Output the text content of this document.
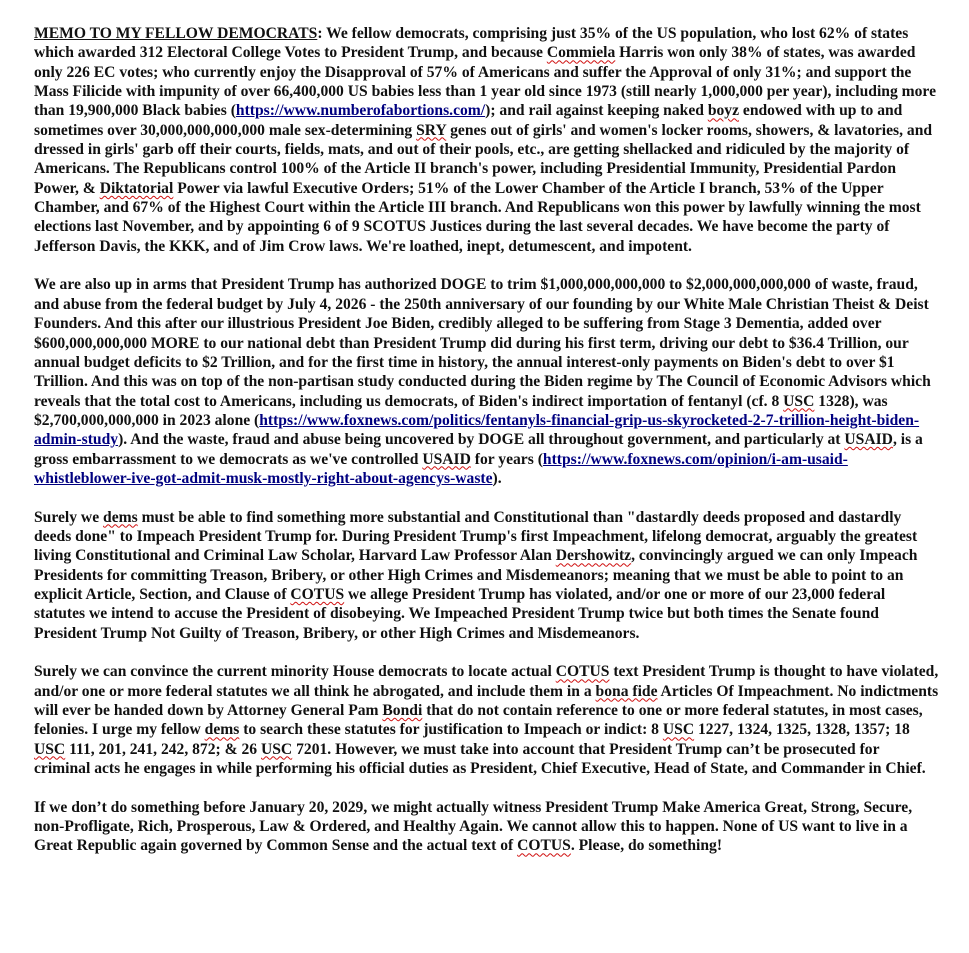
MEMO TO MY FELLOW DEMOCRATS: We fellow democrats, comprising just 35% of the US population, who lost 62% of states which awarded 312 Electoral College Votes to President Trump, and because Commiela Harris won only 38% of states, was awarded only 226 EC votes; who currently enjoy the Disapproval of 57% of Americans and suffer the Approval of only 31%; and support the Mass Filicide with impunity of over 66,400,000 US babies less than 1 year old since 1973 (still nearly 1,000,000 per year), including more than 19,900,000 Black babies (https://www.numberofabortions.com/); and rail against keeping naked boyz endowed with up to and sometimes over 30,000,000,000,000 male sex-determining SRY genes out of girls' and women's locker rooms, showers, & lavatories, and dressed in girls' garb off their courts, fields, mats, and out of their pools, etc., are getting shellacked and ridiculed by the majority of Americans. The Republicans control 100% of the Article II branch's power, including Presidential Immunity, Presidential Pardon Power, & Diktatorial Power via lawful Executive Orders; 51% of the Lower Chamber of the Article I branch, 53% of the Upper Chamber, and 67% of the Highest Court within the Article III branch. And Republicans won this power by lawfully winning the most elections last November, and by appointing 6 of 9 SCOTUS Justices during the last several decades. We have become the party of Jefferson Davis, the KKK, and of Jim Crow laws. We're loathed, inept, detumescent, and impotent.

We are also up in arms that President Trump has authorized DOGE to trim $1,000,000,000,000 to $2,000,000,000,000 of waste, fraud, and abuse from the federal budget by July 4, 2026 - the 250th anniversary of our founding by our White Male Christian Theist & Deist Founders. And this after our illustrious President Joe Biden, credibly alleged to be suffering from Stage 3 Dementia, added over $600,000,000,000 MORE to our national debt than President Trump did during his first term, driving our debt to $36.4 Trillion, our annual budget deficits to $2 Trillion, and for the first time in history, the annual interest-only payments on Biden's debt to over $1 Trillion. And this was on top of the non-partisan study conducted during the Biden regime by The Council of Economic Advisors which reveals that the total cost to Americans, including us democrats, of Biden's indirect importation of fentanyl (cf. 8 USC 1328), was $2,700,000,000,000 in 2023 alone (https://www.foxnews.com/politics/fentanyls-financial-grip-us-skyrocketed-2-7-trillion-height-biden-admin-study). And the waste, fraud and abuse being uncovered by DOGE all throughout government, and particularly at USAID, is a gross embarrassment to we democrats as we've controlled USAID for years (https://www.foxnews.com/opinion/i-am-usaid-whistleblower-ive-got-admit-musk-mostly-right-about-agencys-waste).

Surely we dems must be able to find something more substantial and Constitutional than "dastardly deeds proposed and dastardly deeds done" to Impeach President Trump for. During President Trump's first Impeachment, lifelong democrat, arguably the greatest living Constitutional and Criminal Law Scholar, Harvard Law Professor Alan Dershowitz, convincingly argued we can only Impeach Presidents for committing Treason, Bribery, or other High Crimes and Misdemeanors; meaning that we must be able to point to an explicit Article, Section, and Clause of COTUS we allege President Trump has violated, and/or one or more of our 23,000 federal statutes we intend to accuse the President of disobeying. We Impeached President Trump twice but both times the Senate found President Trump Not Guilty of Treason, Bribery, or other High Crimes and Misdemeanors.

Surely we can convince the current minority House democrats to locate actual COTUS text President Trump is thought to have violated, and/or one or more federal statutes we all think he abrogated, and include them in a bona fide Articles Of Impeachment. No indictments will ever be handed down by Attorney General Pam Bondi that do not contain reference to one or more federal statutes, in most cases, felonies. I urge my fellow dems to search these statutes for justification to Impeach or indict: 8 USC 1227, 1324, 1325, 1328, 1357; 18 USC 111, 201, 241, 242, 872; & 26 USC 7201. However, we must take into account that President Trump can’t be prosecuted for criminal acts he engages in while performing his official duties as President, Chief Executive, Head of State, and Commander in Chief.

If we don’t do something before January 20, 2029, we might actually witness President Trump Make America Great, Strong, Secure, non-Profligate, Rich, Prosperous, Law & Ordered, and Healthy Again. We cannot allow this to happen. None of US want to live in a Great Republic again governed by Common Sense and the actual text of COTUS. Please, do something!
